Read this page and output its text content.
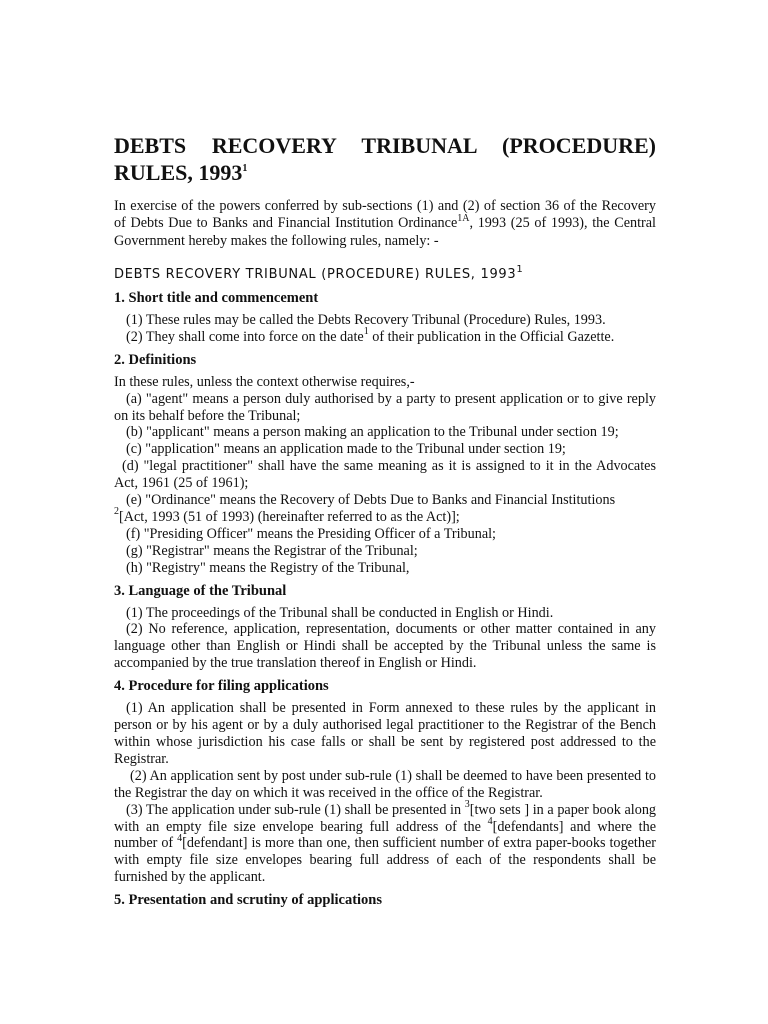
DEBTS RECOVERY TRIBUNAL (PROCEDURE) RULES, 1993$^1$

In exercise of the powers conferred by sub-sections (1) and (2) of section 36 of the Recovery of Debts Due to Banks and Financial Institution Ordinance$^{1A}$, 1993 (25 of 1993), the Central Government hereby makes the following rules, namely: -

DEBTS RECOVERY TRIBUNAL (PROCEDURE) RULES, 1993$^1$

1. Short title and commencement

(1) These rules may be called the Debts Recovery Tribunal (Procedure) Rules, 1993.

(2) They shall come into force on the date$^1$ of their publication in the Official Gazette.

2. Definitions

In these rules, unless the context otherwise requires,-

(a) "agent" means a person duly authorised by a party to present application or to give reply on its behalf before the Tribunal;

(b) "applicant" means a person making an application to the Tribunal under section 19;

(c) "application" means an application made to the Tribunal under section 19;

(d) "legal practitioner" shall have the same meaning as it is assigned to it in the Advocates Act, 1961 (25 of 1961);

(e) "Ordinance" means the Recovery of Debts Due to Banks and Financial Institutions
$^2$[Act, 1993 (51 of 1993) (hereinafter referred to as the Act)];

(f) "Presiding Officer" means the Presiding Officer of a Tribunal;

(g) "Registrar" means the Registrar of the Tribunal;

(h) "Registry" means the Registry of the Tribunal,

3. Language of the Tribunal

(1) The proceedings of the Tribunal shall be conducted in English or Hindi.

(2) No reference, application, representation, documents or other matter contained in any language other than English or Hindi shall be accepted by the Tribunal unless the same is accompanied by the true translation thereof in English or Hindi.

4. Procedure for filing applications

(1) An application shall be presented in Form annexed to these rules by the applicant in person or by his agent or by a duly authorised legal practitioner to the Registrar of the Bench within whose jurisdiction his case falls or shall be sent by registered post addressed to the Registrar.

(2) An application sent by post under sub-rule (1) shall be deemed to have been presented to the Registrar the day on which it was received in the office of the Registrar.

(3) The application under sub-rule (1) shall be presented in $^3$[two sets ] in a paper book along with an empty file size envelope bearing full address of the $^4$[defendants] and where the number of $^4$[defendant] is more than one, then sufficient number of extra paper-books together with empty file size envelopes bearing full address of each of the respondents shall be furnished by the applicant.

5. Presentation and scrutiny of applications
